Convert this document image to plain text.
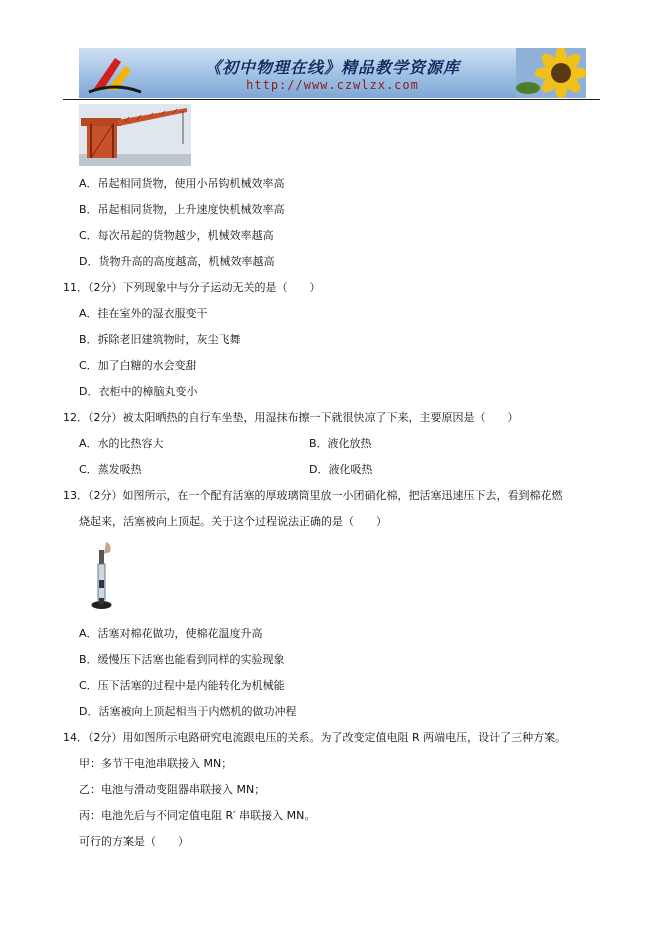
《初中物理在线》精品教学资源库
http://www.czwlzx.com
A．吊起相同货物，使用小吊钩机械效率高
B．吊起相同货物，上升速度快机械效率高
C．每次吊起的货物越少，机械效率越高
D．货物升高的高度越高，机械效率越高
11．（2分）下列现象中与分子运动无关的是（　　）
A．挂在室外的湿衣服变干
B．拆除老旧建筑物时，灰尘飞舞
C．加了白糖的水会变甜
D．衣柜中的樟脑丸变小
12．（2分）被太阳晒热的自行车坐垫，用湿抹布擦一下就很快凉了下来，主要原因是（　　）
A．水的比热容大	B．液化放热
C．蒸发吸热	D．液化吸热
13．（2分）如图所示，在一个配有活塞的厚玻璃筒里放一小团硝化棉，把活塞迅速压下去，看到棉花燃
烧起来，活塞被向上顶起。关于这个过程说法正确的是（　　）
A．活塞对棉花做功，使棉花温度升高
B．缓慢压下活塞也能看到同样的实验现象
C．压下活塞的过程中是内能转化为机械能
D．活塞被向上顶起相当于内燃机的做功冲程
14．（2分）用如图所示电路研究电流跟电压的关系。为了改变定值电阻 R 两端电压，设计了三种方案。
甲：多节干电池串联接入 MN；
乙：电池与滑动变阻器串联接入 MN；
丙：电池先后与不同定值电阻 R′ 串联接入 MN。
可行的方案是（　　）
